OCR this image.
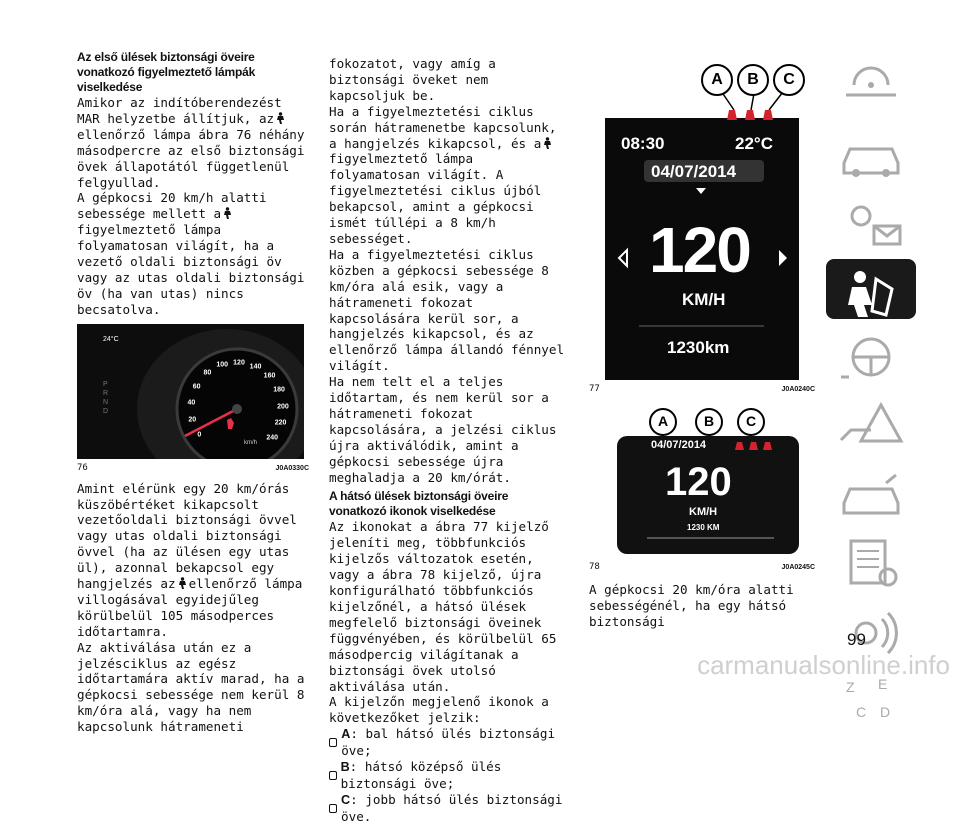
Az első ülések biztonsági öveire vonatkozó figyelmeztető lámpák viselkedése

Amikor az indítóberendezést MAR helyzetbe állítjuk, az
ellenőrző lámpa ábra 76 néhány másodpercre az első biztonsági övek állapotától függetlenül felgyullad.

A gépkocsi 20 km/h alatti sebessége mellett a
figyelmeztető lámpa folyamatosan világít, ha a vezető oldali biztonsági öv vagy az utas oldali biztonsági öv (ha van utas) nincs becsatolva.

km/h
24°C
P
R
N
D
0
20
40
60
80
100 120
140
160
180
200
220
240
76	J0A0330C

Amint elérünk egy 20 km/órás küszöbértéket kikapcsolt vezetőoldali biztonsági övvel vagy utas oldali biztonsági övvel (ha az ülésen egy utas ül), azonnal bekapcsol egy hangjelzés az ellenőrző lámpa villogásával egyidejűleg körülbelül 105 másodperces időtartamra.

Az aktiválása után ez a jelzésciklus az egész időtartamára aktív marad, ha a gépkocsi sebessége nem kerül 8 km/óra alá, vagy ha nem kapcsolunk hátrameneti

fokozatot, vagy amíg a biztonsági öveket nem kapcsoljuk be.

Ha a figyelmeztetési ciklus során hátramenetbe kapcsolunk, a hangjelzés kikapcsol, és a
figyelmeztető lámpa folyamatosan világít. A figyelmeztetési ciklus újból bekapcsol, amint a gépkocsi ismét túllépi a 8 km/h sebességet.

Ha a figyelmeztetési ciklus közben a gépkocsi sebessége 8 km/óra alá esik, vagy a hátrameneti fokozat kapcsolására kerül sor, a hangjelzés kikapcsol, és az ellenőrző lámpa állandó fénnyel világít.

Ha nem telt el a teljes időtartam, és nem kerül sor a hátrameneti fokozat kapcsolására, a jelzési ciklus újra aktiválódik, amint a gépkocsi sebessége újra meghaladja a 20 km/órát.

A hátsó ülések biztonsági öveire vonatkozó ikonok viselkedése

Az ikonokat a ábra 77 kijelző jeleníti meg, többfunkciós kijelzős változatok esetén, vagy a ábra 78 kijelző, újra konfigurálható többfunkciós kijelzőnél, a hátsó ülések megfelelő biztonsági öveinek függvényében, és körülbelül 65 másodpercig világítanak a biztonsági övek utolsó aktiválása után.

A kijelzőn megjelenő ikonok a következőket jelzik:

A: bal hátsó ülés biztonsági öve;
B: hátsó középső ülés biztonsági öve;
C: jobb hátsó ülés biztonsági öve.
A	B	C
08:30	22°C
04/07/2014
120
KM/H
1230km
77	J0A0240C
A	B	C
04/07/2014
120
KM/H
1230 KM
78	J0A0245C

A gépkocsi 20 km/óra alatti sebességénél, ha egy hátsó biztonsági

Z E
C D
99
carmanualsonline.info
